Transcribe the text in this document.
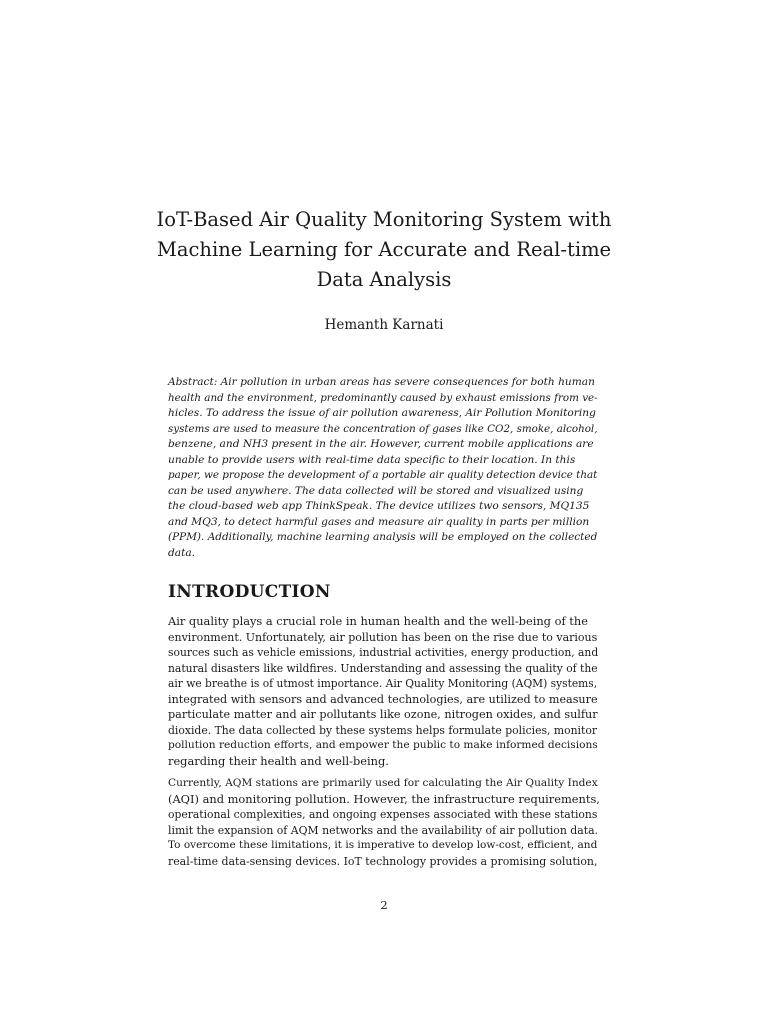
IoT-Based Air Quality Monitoring System with
Machine Learning for Accurate and Real-time
Data Analysis

Hemanth Karnati

Abstract: Air pollution in urban areas has severe consequences for both human
health and the environment, predominantly caused by exhaust emissions from ve-
hicles. To address the issue of air pollution awareness, Air Pollution Monitoring
systems are used to measure the concentration of gases like CO2, smoke, alcohol,
benzene, and NH3 present in the air. However, current mobile applications are
unable to provide users with real-time data specific to their location. In this
paper, we propose the development of a portable air quality detection device that
can be used anywhere. The data collected will be stored and visualized using
the cloud-based web app ThinkSpeak. The device utilizes two sensors, MQ135
and MQ3, to detect harmful gases and measure air quality in parts per million
(PPM). Additionally, machine learning analysis will be employed on the collected
data.

INTRODUCTION

Air quality plays a crucial role in human health and the well-being of the
environment. Unfortunately, air pollution has been on the rise due to various
sources such as vehicle emissions, industrial activities, energy production, and
natural disasters like wildfires. Understanding and assessing the quality of the
air we breathe is of utmost importance. Air Quality Monitoring (AQM) systems,
integrated with sensors and advanced technologies, are utilized to measure
particulate matter and air pollutants like ozone, nitrogen oxides, and sulfur
dioxide. The data collected by these systems helps formulate policies, monitor
pollution reduction efforts, and empower the public to make informed decisions
regarding their health and well-being.

Currently, AQM stations are primarily used for calculating the Air Quality Index
(AQI) and monitoring pollution. However, the infrastructure requirements,
operational complexities, and ongoing expenses associated with these stations
limit the expansion of AQM networks and the availability of air pollution data.
To overcome these limitations, it is imperative to develop low-cost, efficient, and
real-time data-sensing devices. IoT technology provides a promising solution,

2
